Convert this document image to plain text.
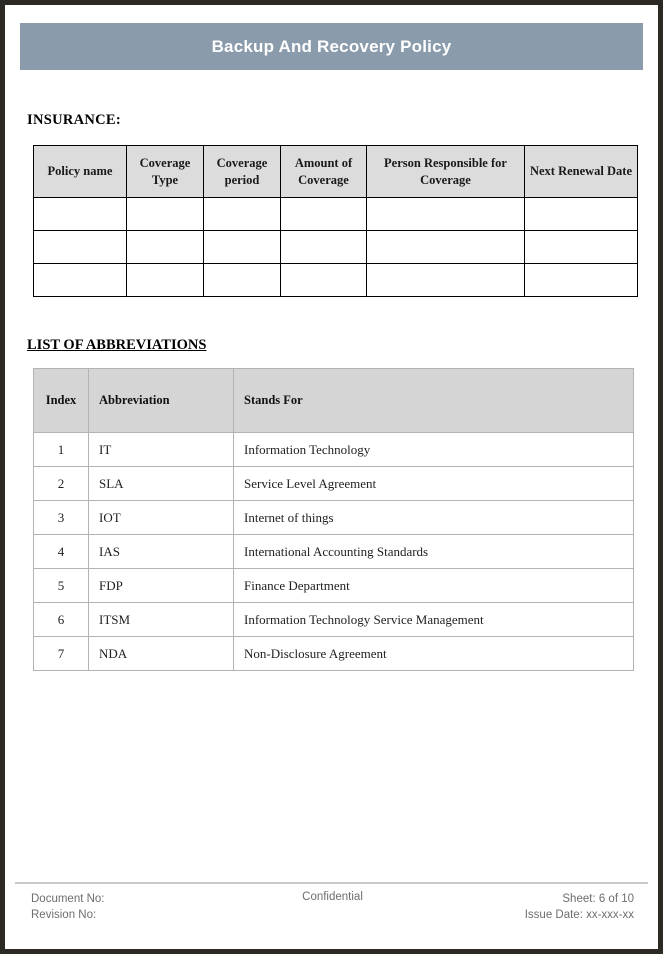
Backup And Recovery Policy
INSURANCE:
Policy name	Coverage Type	Coverage period	Amount of Coverage	Person Responsible for Coverage	Next Renewal Date

LIST OF ABBREVIATIONS
Index	Abbreviation	Stands For
1	IT	Information Technology
2	SLA	Service Level Agreement
3	IOT	Internet of things
4	IAS	International Accounting Standards
5	FDP	Finance Department
6	ITSM	Information Technology Service Management
7	NDA	Non-Disclosure Agreement
Document No:
Revision No:
Confidential	Sheet: 6 of 10
Issue Date: xx-xxx-xx
